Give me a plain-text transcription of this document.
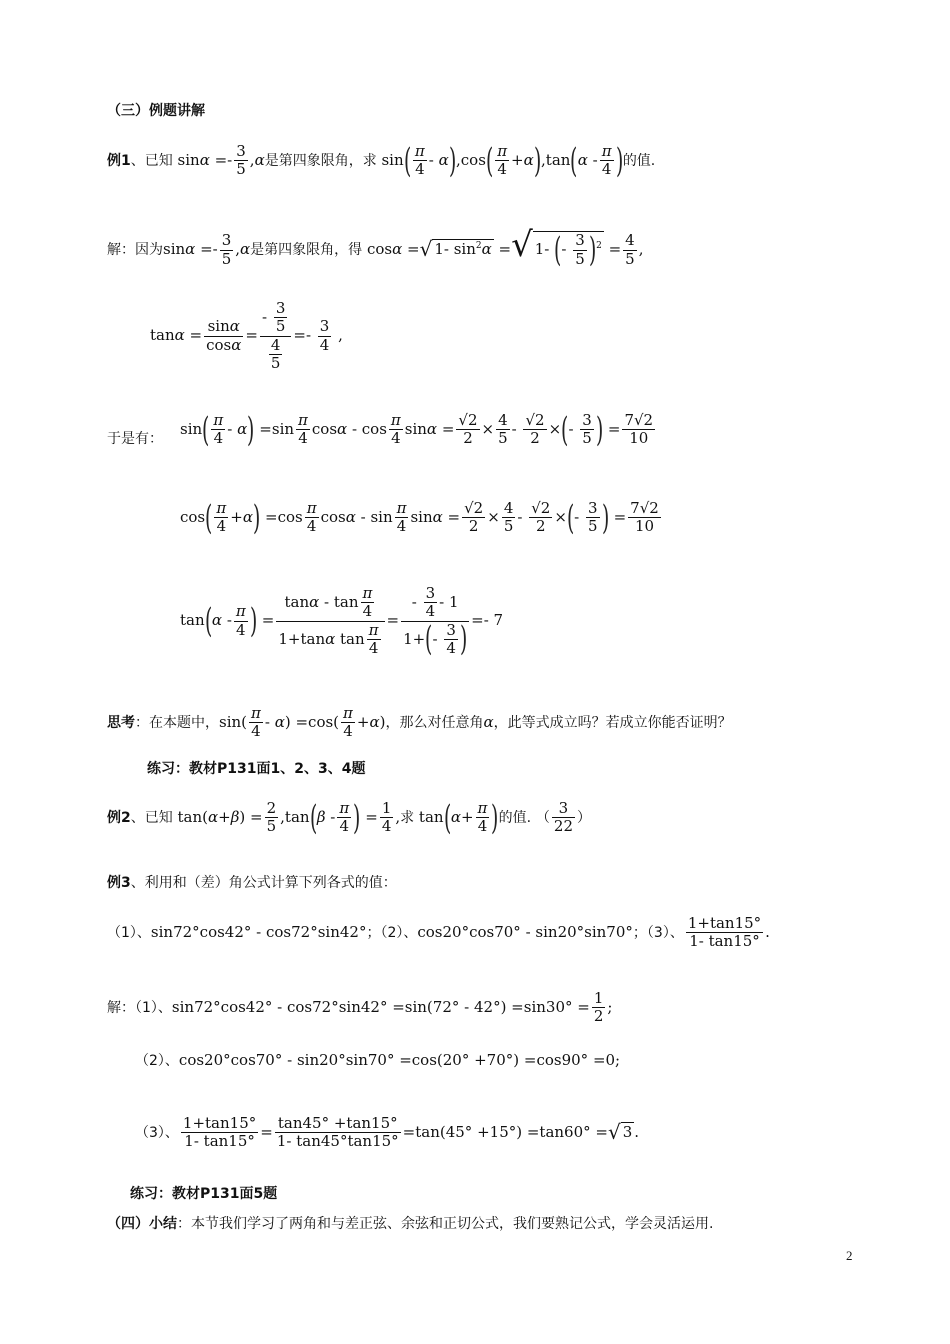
（三）例题讲解
例1、已知 $\sin\alpha =- \frac{3}{5} ,\alpha$是第四象限角，求 $\sin( \frac{\pi}{4} - \alpha),\cos( \frac{\pi}{4} +\alpha),\tan(\alpha - \frac{\pi}{4}$ )的值.
解：因为$\sin\alpha =- \frac{3}{5} ,\alpha$是第四象限角，得 cosα =√ 1- $\sin^2\alpha$ =√ 1- (- $\frac{3}{5} )^2 = \frac{4}{5}$ ,
$\tan\alpha = \frac{\sin\alpha}{\cos\alpha} = \frac{- \frac{3}{5}}{\frac{4}{5}} =- \frac{3}{4}$ ,
于是有：
$\sin( \frac{\pi}{4} - \alpha) =\sin \frac{\pi}{4}$ cosα - $\cos \frac{\pi}{4}$ $\sin\alpha = \frac{√2}{2} \times \frac{4}{5} - \frac{√2}{2}$ ×(- $\frac{3}{5}$ ) = $\frac{7√2}{10}$
$\cos( \frac{\pi}{4} +\alpha) =\cos \frac{\pi}{4}$ cosα - $\sin \frac{\pi}{4}$ $\sin\alpha = \frac{√2}{2} \times \frac{4}{5} - \frac{√2}{2}$ ×(- $\frac{3}{5}$ ) = $\frac{7√2}{10}$
$\tan(\alpha - \frac{\pi}{4}$ ) = $\frac{\tan\alpha - \tan \frac{\pi}{4}}{1+\tan\alpha \tan \frac{\pi}{4}} = \frac{- \frac{3}{4} - 1}{1+(- \frac{3}{4} )} =- 7$
思考：在本题中，$\sin( \frac{\pi}{4} - \alpha) =\cos( \frac{\pi}{4} +\alpha)$，那么对任意角α，此等式成立吗？若成立你能否证明？
练习：教材P131面1、2、3、4题
例2、已知 $\tan(\alpha+\beta) = \frac{2}{5} ,\tan(\beta - \frac{\pi}{4}$ ) = $\frac{1}{4}$ ,求 $\tan(\alpha+ \frac{\pi}{4}$ )的值. （ $\frac{3}{22}$ ）
例3、利用和（差）角公式计算下列各式的值：
（1）、sin72°cos42° - cos72°sin42°；（2）、cos20°cos70° - sin20°sin70°；（3）、 $\frac{1+\tan 15^\circ}{1- \tan 15^\circ}$ .
解：（1）、$\sin 72^\circ\cos 42^\circ - \cos 72^\circ\sin 42^\circ =\sin(72^\circ - 42^\circ) =\sin 30^\circ = \frac{1}{2}$ ;
（2）、cos20°cos70° - sin20°sin70° =cos(20° +70°) =cos90° =0;
（3）、 $\frac{1+\tan 15^\circ}{1- \tan 15^\circ} = \frac{\tan 45^\circ +\tan 15^\circ}{1- \tan 45^\circ\tan 15^\circ} =\tan(45^\circ +15^\circ) =\tan 60^\circ$ =√ 3 .
练习：教材P131面5题
（四）小结：本节我们学习了两角和与差正弦、余弦和正切公式，我们要熟记公式，学会灵活运用.
2
